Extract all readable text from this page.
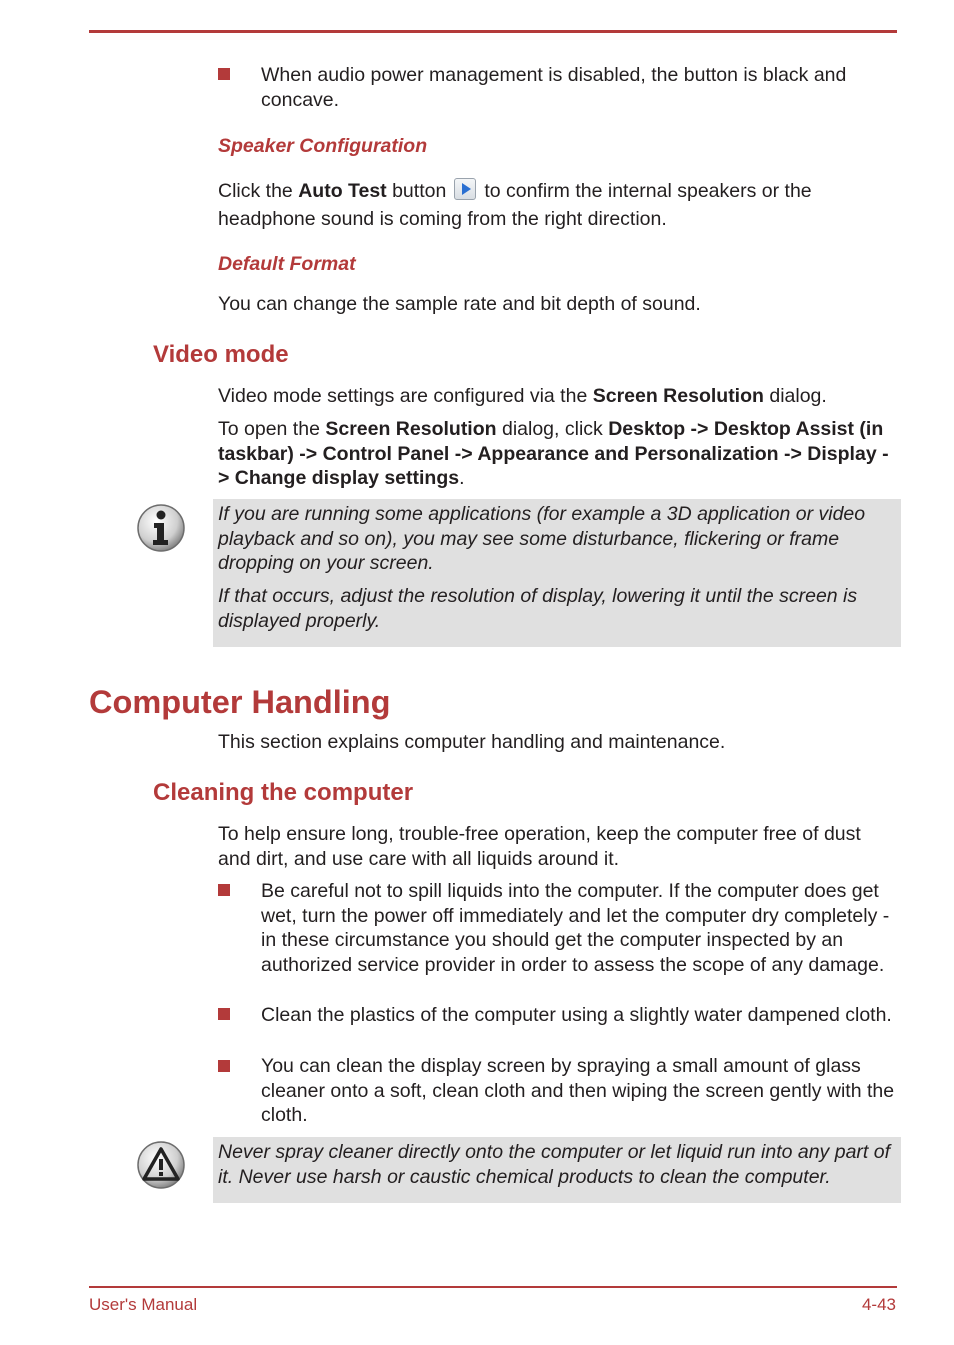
When audio power management is disabled, the button is black and concave.

Speaker Configuration

Click the Auto Test button to confirm the internal speakers or the headphone sound is coming from the right direction.

Default Format

You can change the sample rate and bit depth of sound.

Video mode

Video mode settings are configured via the Screen Resolution dialog.

To open the Screen Resolution dialog, click Desktop -> Desktop Assist (in taskbar) -> Control Panel -> Appearance and Personalization -> Display -> Change display settings.

If you are running some applications (for example a 3D application or video playback and so on), you may see some disturbance, flickering or frame dropping on your screen.

If that occurs, adjust the resolution of display, lowering it until the screen is displayed properly.

Computer Handling

This section explains computer handling and maintenance.

Cleaning the computer

To help ensure long, trouble-free operation, keep the computer free of dust and dirt, and use care with all liquids around it.

Be careful not to spill liquids into the computer. If the computer does get wet, turn the power off immediately and let the computer dry completely - in these circumstance you should get the computer inspected by an authorized service provider in order to assess the scope of any damage.

Clean the plastics of the computer using a slightly water dampened cloth.

You can clean the display screen by spraying a small amount of glass cleaner onto a soft, clean cloth and then wiping the screen gently with the cloth.

Never spray cleaner directly onto the computer or let liquid run into any part of it. Never use harsh or caustic chemical products to clean the computer.

User's Manual	4-43
